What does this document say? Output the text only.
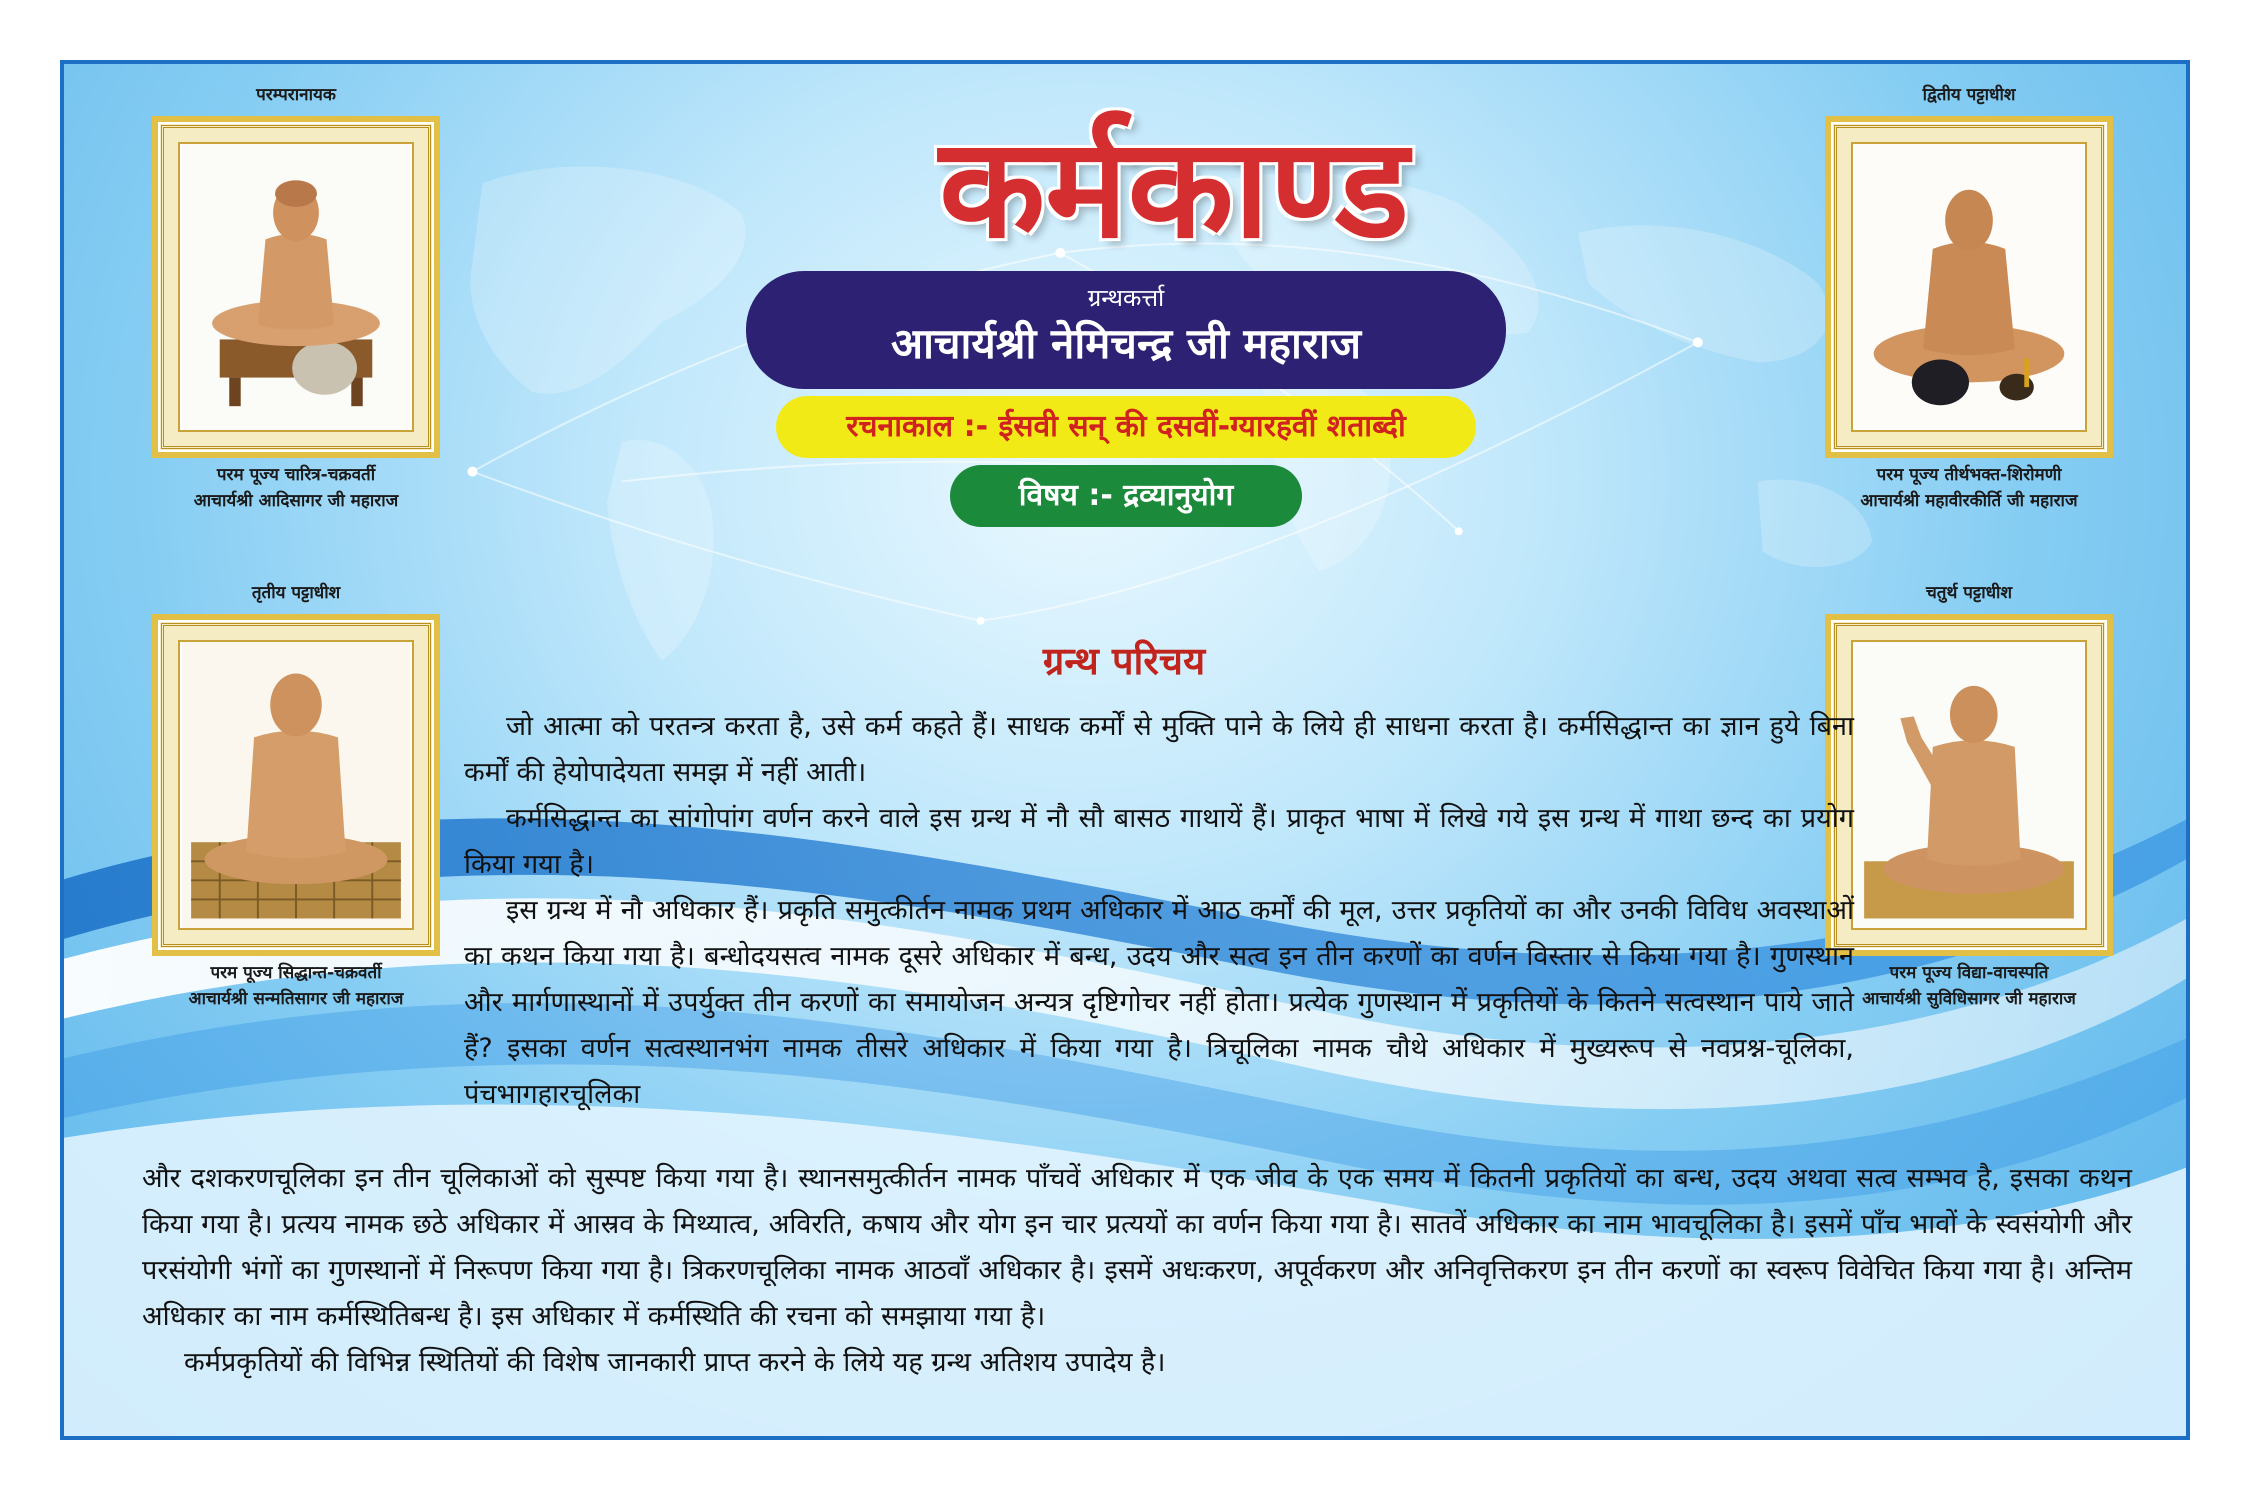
कर्मकाण्ड
ग्रन्थकर्त्ता
आचार्यश्री नेमिचन्द्र जी महाराज
रचनाकाल :- ईसवी सन् की दसवीं-ग्यारहवीं शताब्दी
विषय :- द्रव्यानुयोग
ग्रन्थ परिचय
परम्परानायक
परम पूज्य चारित्र-चक्रवर्ती
आचार्यश्री आदिसागर जी महाराज
द्वितीय पट्टाधीश
परम पूज्य तीर्थभक्त-शिरोमणी
आचार्यश्री महावीरकीर्ति जी महाराज
तृतीय पट्टाधीश
परम पूज्य सिद्धान्त-चक्रवर्ती
आचार्यश्री सन्मतिसागर जी महाराज
चतुर्थ पट्टाधीश
परम पूज्य विद्या-वाचस्पति
आचार्यश्री सुविधिसागर जी महाराज

जो आत्मा को परतन्त्र करता है, उसे कर्म कहते हैं। साधक कर्मों से मुक्ति पाने के लिये ही साधना करता है। कर्मसिद्धान्त का ज्ञान हुये बिना कर्मों की हेयोपादेयता समझ में नहीं आती।

कर्मसिद्धान्त का सांगोपांग वर्णन करने वाले इस ग्रन्थ में नौ सौ बासठ गाथायें हैं। प्राकृत भाषा में लिखे गये इस ग्रन्थ में गाथा छन्द का प्रयोग किया गया है।

इस ग्रन्थ में नौ अधिकार हैं। प्रकृति समुत्कीर्तन नामक प्रथम अधिकार में आठ कर्मों की मूल, उत्तर प्रकृतियों का और उनकी विविध अवस्थाओं का कथन किया गया है। बन्धोदयसत्व नामक दूसरे अधिकार में बन्ध, उदय और सत्व इन तीन करणों का वर्णन विस्तार से किया गया है। गुणस्थान और मार्गणास्थानों में उपर्युक्त तीन करणों का समायोजन अन्यत्र दृष्टिगोचर नहीं होता। प्रत्येक गुणस्थान में प्रकृतियों के कितने सत्वस्थान पाये जाते हैं? इसका वर्णन सत्वस्थानभंग नामक तीसरे अधिकार में किया गया है। त्रिचूलिका नामक चौथे अधिकार में मुख्यरूप से नवप्रश्न-चूलिका, पंचभागहारचूलिका

और दशकरणचूलिका इन तीन चूलिकाओं को सुस्पष्ट किया गया है। स्थानसमुत्कीर्तन नामक पाँचवें अधिकार में एक जीव के एक समय में कितनी प्रकृतियों का बन्ध, उदय अथवा सत्व सम्भव है, इसका कथन किया गया है। प्रत्यय नामक छठे अधिकार में आस्रव के मिथ्यात्व, अविरति, कषाय और योग इन चार प्रत्ययों का वर्णन किया गया है। सातवें अधिकार का नाम भावचूलिका है। इसमें पाँच भावों के स्वसंयोगी और परसंयोगी भंगों का गुणस्थानों में निरूपण किया गया है। त्रिकरणचूलिका नामक आठवाँ अधिकार है। इसमें अधःकरण, अपूर्वकरण और अनिवृत्तिकरण इन तीन करणों का स्वरूप विवेचित किया गया है। अन्तिम अधिकार का नाम कर्मस्थितिबन्ध है। इस अधिकार में कर्मस्थिति की रचना को समझाया गया है।

कर्मप्रकृतियों की विभिन्न स्थितियों की विशेष जानकारी प्राप्त करने के लिये यह ग्रन्थ अतिशय उपादेय है।
